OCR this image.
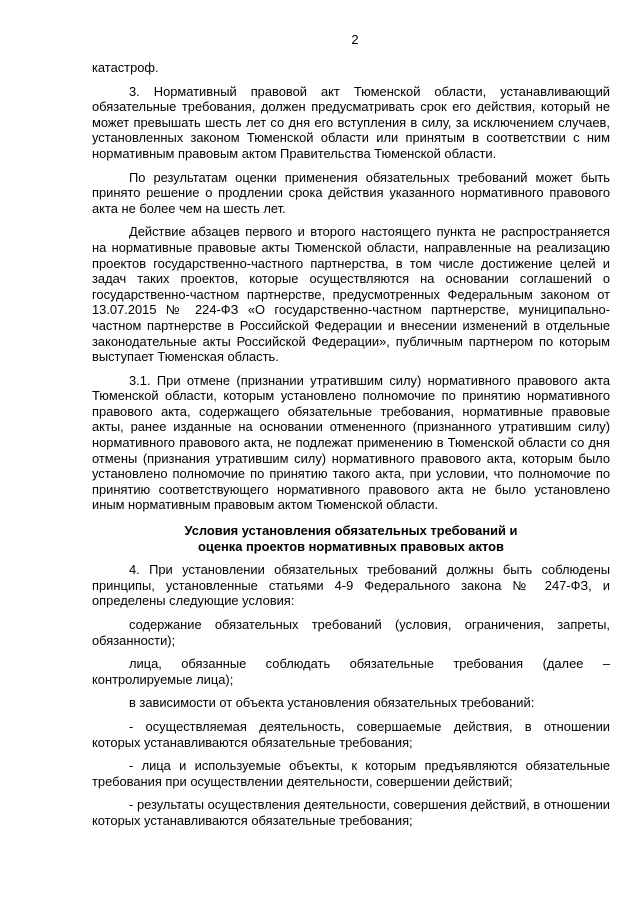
2

катастроф.

3. Нормативный правовой акт Тюменской области, устанавливающий обязательные требования, должен предусматривать срок его действия, который не может превышать шесть лет со дня его вступления в силу, за исключением случаев, установленных законом Тюменской области или принятым в соответствии с ним нормативным правовым актом Правительства Тюменской области.

По результатам оценки применения обязательных требований может быть принято решение о продлении срока действия указанного нормативного правового акта не более чем на шесть лет.

Действие абзацев первого и второго настоящего пункта не распространяется на нормативные правовые акты Тюменской области, направленные на реализацию проектов государственно-частного партнерства, в том числе достижение целей и задач таких проектов, которые осуществляются на основании соглашений о государственно-частном партнерстве, предусмотренных Федеральным законом от 13.07.2015 № 224-ФЗ «О государственно-частном партнерстве, муниципально-частном партнерстве в Российской Федерации и внесении изменений в отдельные законодательные акты Российской Федерации», публичным партнером по которым выступает Тюменская область.

3.1. При отмене (признании утратившим силу) нормативного правового акта Тюменской области, которым установлено полномочие по принятию нормативного правового акта, содержащего обязательные требования, нормативные правовые акты, ранее изданные на основании отмененного (признанного утратившим силу) нормативного правового акта, не подлежат применению в Тюменской области со дня отмены (признания утратившим силу) нормативного правового акта, которым было установлено полномочие по принятию такого акта, при условии, что полномочие по принятию соответствующего нормативного правового акта не было установлено иным нормативным правовым актом Тюменской области.

Условия установления обязательных требований и
оценка проектов нормативных правовых актов

4. При установлении обязательных требований должны быть соблюдены принципы, установленные статьями 4-9 Федерального закона № 247-ФЗ, и определены следующие условия:

содержание обязательных требований (условия, ограничения, запреты, обязанности);

лица, обязанные соблюдать обязательные требования (далее – контролируемые лица);

в зависимости от объекта установления обязательных требований:

- осуществляемая деятельность, совершаемые действия, в отношении которых устанавливаются обязательные требования;

- лица и используемые объекты, к которым предъявляются обязательные требования при осуществлении деятельности, совершении действий;

- результаты осуществления деятельности, совершения действий, в отношении которых устанавливаются обязательные требования;
